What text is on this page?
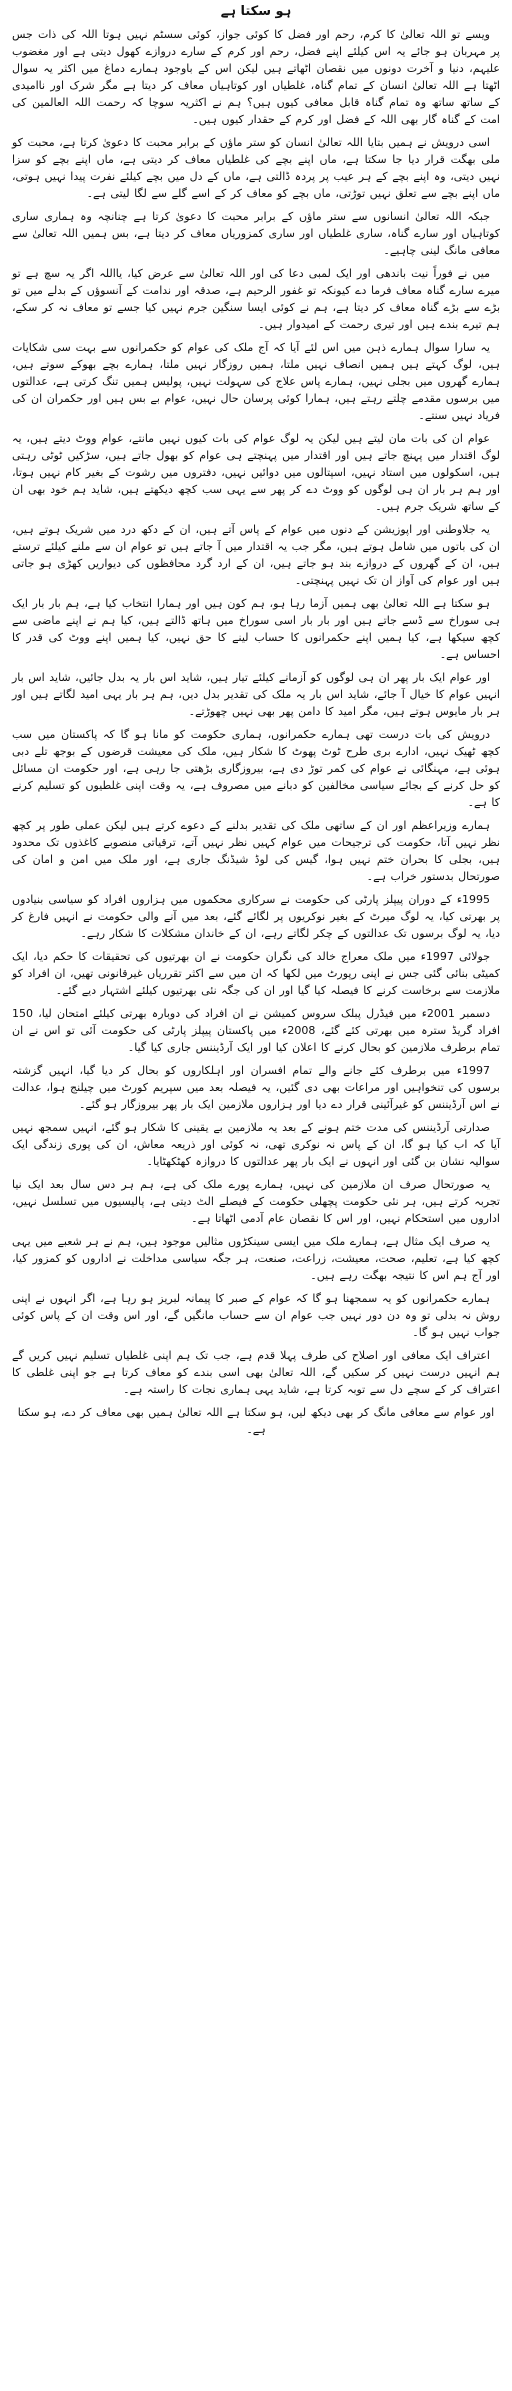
ہو سکتا ہے

ویسے تو اللہ تعالیٰ کا کرم، رحم اور فضل کا کوئی جواز، کوئی سسٹم نہیں ہوتا اللہ کی ذات جس پر مہربان ہو جائے یہ اس کیلئے اپنے فضل، رحم اور کرم کے سارے دروازے کھول دیتی ہے اور مغضوب علیہم، دنیا و آخرت دونوں میں نقصان اٹھاتے ہیں لیکن اس کے باوجود ہمارے دماغ میں اکثر یہ سوال اٹھتا ہے اللہ تعالیٰ انسان کے تمام گناہ، غلطیاں اور کوتاہیاں معاف کر دیتا ہے مگر شرک اور ناامیدی کے ساتھ ساتھ وہ تمام گناہ قابل معافی کیوں ہیں؟ ہم نے اکثریہ سوچا کہ رحمت اللہ العالمین کی امت کے گناہ گار بھی اللہ کے فضل اور کرم کے حقدار کیوں ہیں۔

اسی درویش نے ہمیں بتایا اللہ تعالیٰ انسان کو ستر ماؤں کے برابر محبت کا دعویٰ کرتا ہے، محبت کو ملی بھگت قرار دیا جا سکتا ہے، ماں اپنے بچے کی غلطیاں معاف کر دیتی ہے، ماں اپنے بچے کو سزا نہیں دیتی، وہ اپنے بچے کے ہر عیب پر پردہ ڈالتی ہے، ماں کے دل میں بچے کیلئے نفرت پیدا نہیں ہوتی، ماں اپنے بچے سے تعلق نہیں توڑتی، ماں بچے کو معاف کر کے اسے گلے سے لگا لیتی ہے۔

جبکہ اللہ تعالیٰ انسانوں سے ستر ماؤں کے برابر محبت کا دعویٰ کرتا ہے چنانچہ وہ ہماری ساری کوتاہیاں اور سارے گناہ، ساری غلطیاں اور ساری کمزوریاں معاف کر دیتا ہے، بس ہمیں اللہ تعالیٰ سے معافی مانگ لینی چاہیے۔

میں نے فوراً نیت باندھی اور ایک لمبی دعا کی اور اللہ تعالیٰ سے عرض کیا، یااللہ اگر یہ سچ ہے تو میرے سارے گناہ معاف فرما دے کیونکہ تو غفور الرحیم ہے، صدقہ اور ندامت کے آنسوؤں کے بدلے میں تو بڑے سے بڑے گناہ معاف کر دیتا ہے، ہم نے کوئی ایسا سنگین جرم نہیں کیا جسے تو معاف نہ کر سکے، ہم تیرے بندے ہیں اور تیری رحمت کے امیدوار ہیں۔

یہ سارا سوال ہمارے ذہن میں اس لئے آیا کہ آج ملک کی عوام کو حکمرانوں سے بہت سی شکایات ہیں، لوگ کہتے ہیں ہمیں انصاف نہیں ملتا، ہمیں روزگار نہیں ملتا، ہمارے بچے بھوکے سوتے ہیں، ہمارے گھروں میں بجلی نہیں، ہمارے پاس علاج کی سہولت نہیں، پولیس ہمیں تنگ کرتی ہے، عدالتوں میں برسوں مقدمے چلتے رہتے ہیں، ہمارا کوئی پرسان حال نہیں، عوام بے بس ہیں اور حکمران ان کی فریاد نہیں سنتے۔

عوام ان کی بات مان لیتے ہیں لیکن یہ لوگ عوام کی بات کیوں نہیں مانتے، عوام ووٹ دیتے ہیں، یہ لوگ اقتدار میں پہنچ جاتے ہیں اور اقتدار میں پہنچتے ہی عوام کو بھول جاتے ہیں، سڑکیں ٹوٹی رہتی ہیں، اسکولوں میں استاد نہیں، اسپتالوں میں دوائیں نہیں، دفتروں میں رشوت کے بغیر کام نہیں ہوتا، اور ہم ہر بار ان ہی لوگوں کو ووٹ دے کر پھر سے یہی سب کچھ دیکھتے ہیں، شاید ہم خود بھی ان کے ساتھ شریک جرم ہیں۔

یہ جلاوطنی اور اپوزیشن کے دنوں میں عوام کے پاس آتے ہیں، ان کے دکھ درد میں شریک ہوتے ہیں، ان کی باتوں میں شامل ہوتے ہیں، مگر جب یہ اقتدار میں آ جاتے ہیں تو عوام ان سے ملنے کیلئے ترستے ہیں، ان کے گھروں کے دروازے بند ہو جاتے ہیں، ان کے ارد گرد محافظوں کی دیواریں کھڑی ہو جاتی ہیں اور عوام کی آواز ان تک نہیں پہنچتی۔

ہو سکتا ہے اللہ تعالیٰ بھی ہمیں آزما رہا ہو، ہم کون ہیں اور ہمارا انتخاب کیا ہے، ہم بار بار ایک ہی سوراخ سے ڈسے جاتے ہیں اور بار بار اسی سوراخ میں ہاتھ ڈالتے ہیں، کیا ہم نے اپنے ماضی سے کچھ سیکھا ہے، کیا ہمیں اپنے حکمرانوں کا حساب لینے کا حق نہیں، کیا ہمیں اپنے ووٹ کی قدر کا احساس ہے۔

اور عوام ایک بار پھر ان ہی لوگوں کو آزمانے کیلئے تیار ہیں، شاید اس بار یہ بدل جائیں، شاید اس بار انہیں عوام کا خیال آ جائے، شاید اس بار یہ ملک کی تقدیر بدل دیں، ہم ہر بار یہی امید لگاتے ہیں اور ہر بار مایوس ہوتے ہیں، مگر امید کا دامن پھر بھی نہیں چھوڑتے۔

درویش کی بات درست تھی ہمارے حکمرانوں، ہماری حکومت کو مانا ہو گا کہ پاکستان میں سب کچھ ٹھیک نہیں، ادارے بری طرح ٹوٹ پھوٹ کا شکار ہیں، ملک کی معیشت قرضوں کے بوجھ تلے دبی ہوئی ہے، مہنگائی نے عوام کی کمر توڑ دی ہے، بیروزگاری بڑھتی جا رہی ہے، اور حکومت ان مسائل کو حل کرنے کے بجائے سیاسی مخالفین کو دبانے میں مصروف ہے، یہ وقت اپنی غلطیوں کو تسلیم کرنے کا ہے۔

ہمارے وزیراعظم اور ان کے ساتھی ملک کی تقدیر بدلنے کے دعوے کرتے ہیں لیکن عملی طور پر کچھ نظر نہیں آتا، حکومت کی ترجیحات میں عوام کہیں نظر نہیں آتے، ترقیاتی منصوبے کاغذوں تک محدود ہیں، بجلی کا بحران ختم نہیں ہوا، گیس کی لوڈ شیڈنگ جاری ہے، اور ملک میں امن و امان کی صورتحال بدستور خراب ہے۔

1995ء کے دوران پیپلز پارٹی کی حکومت نے سرکاری محکموں میں ہزاروں افراد کو سیاسی بنیادوں پر بھرتی کیا، یہ لوگ میرٹ کے بغیر نوکریوں پر لگائے گئے، بعد میں آنے والی حکومت نے انہیں فارغ کر دیا، یہ لوگ برسوں تک عدالتوں کے چکر لگاتے رہے، ان کے خاندان مشکلات کا شکار رہے۔

جولائی 1997ء میں ملک معراج خالد کی نگران حکومت نے ان بھرتیوں کی تحقیقات کا حکم دیا، ایک کمیٹی بنائی گئی جس نے اپنی رپورٹ میں لکھا کہ ان میں سے اکثر تقرریاں غیرقانونی تھیں، ان افراد کو ملازمت سے برخاست کرنے کا فیصلہ کیا گیا اور ان کی جگہ نئی بھرتیوں کیلئے اشتہار دیے گئے۔

دسمبر 2001ء میں فیڈرل پبلک سروس کمیشن نے ان افراد کی دوبارہ بھرتی کیلئے امتحان لیا، 150 افراد گریڈ سترہ میں بھرتی کئے گئے، 2008ء میں پاکستان پیپلز پارٹی کی حکومت آئی تو اس نے ان تمام برطرف ملازمین کو بحال کرنے کا اعلان کیا اور ایک آرڈیننس جاری کیا گیا۔

1997ء میں برطرف کئے جانے والے تمام افسران اور اہلکاروں کو بحال کر دیا گیا، انہیں گزشتہ برسوں کی تنخواہیں اور مراعات بھی دی گئیں، یہ فیصلہ بعد میں سپریم کورٹ میں چیلنج ہوا، عدالت نے اس آرڈیننس کو غیرآئینی قرار دے دیا اور ہزاروں ملازمین ایک بار پھر بیروزگار ہو گئے۔

صدارتی آرڈیننس کی مدت ختم ہونے کے بعد یہ ملازمین بے یقینی کا شکار ہو گئے، انہیں سمجھ نہیں آیا کہ اب کیا ہو گا، ان کے پاس نہ نوکری تھی، نہ کوئی اور ذریعہ معاش، ان کی پوری زندگی ایک سوالیہ نشان بن گئی اور انہوں نے ایک بار پھر عدالتوں کا دروازہ کھٹکھٹایا۔

یہ صورتحال صرف ان ملازمین کی نہیں، ہمارے پورے ملک کی ہے، ہم ہر دس سال بعد ایک نیا تجربہ کرتے ہیں، ہر نئی حکومت پچھلی حکومت کے فیصلے الٹ دیتی ہے، پالیسیوں میں تسلسل نہیں، اداروں میں استحکام نہیں، اور اس کا نقصان عام آدمی اٹھاتا ہے۔

یہ صرف ایک مثال ہے، ہمارے ملک میں ایسی سینکڑوں مثالیں موجود ہیں، ہم نے ہر شعبے میں یہی کچھ کیا ہے، تعلیم، صحت، معیشت، زراعت، صنعت، ہر جگہ سیاسی مداخلت نے اداروں کو کمزور کیا، اور آج ہم اس کا نتیجہ بھگت رہے ہیں۔

ہمارے حکمرانوں کو یہ سمجھنا ہو گا کہ عوام کے صبر کا پیمانہ لبریز ہو رہا ہے، اگر انہوں نے اپنی روش نہ بدلی تو وہ دن دور نہیں جب عوام ان سے حساب مانگیں گے، اور اس وقت ان کے پاس کوئی جواب نہیں ہو گا۔

اعتراف ایک معافی اور اصلاح کی طرف پہلا قدم ہے، جب تک ہم اپنی غلطیاں تسلیم نہیں کریں گے ہم انہیں درست نہیں کر سکیں گے، اللہ تعالیٰ بھی اسی بندے کو معاف کرتا ہے جو اپنی غلطی کا اعتراف کر کے سچے دل سے توبہ کرتا ہے، شاید یہی ہماری نجات کا راستہ ہے۔

اور عوام سے معافی مانگ کر بھی دیکھ لیں، ہو سکتا ہے اللہ تعالیٰ ہمیں بھی معاف کر دے، ہو سکتا ہے۔
